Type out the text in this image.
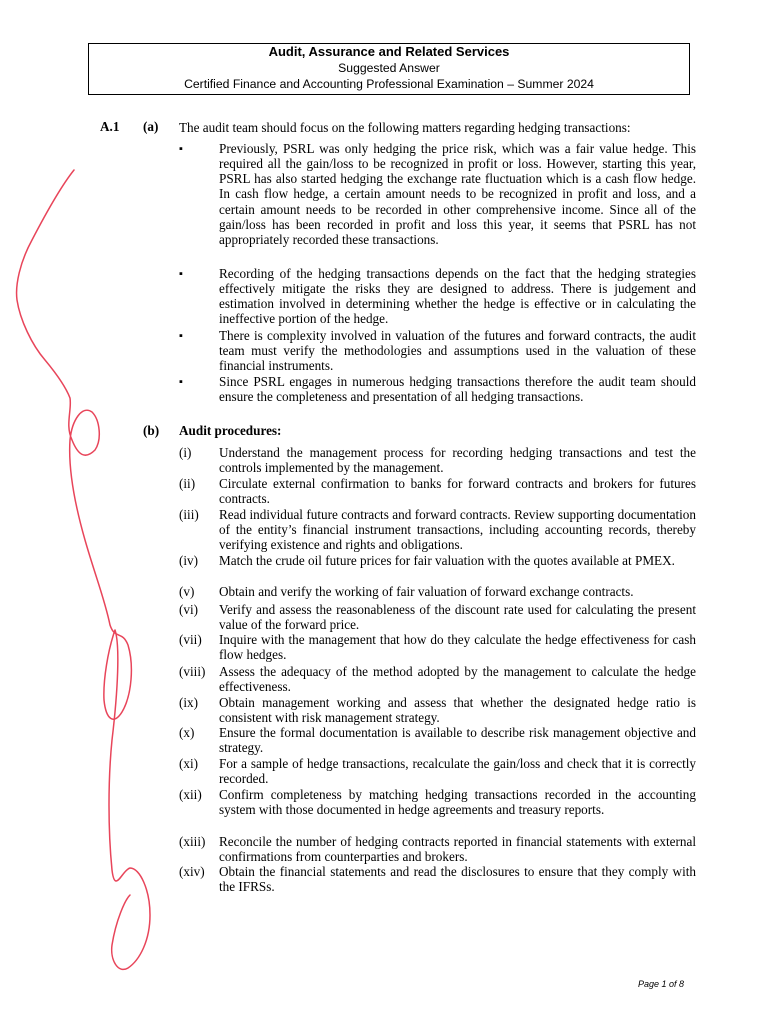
Audit, Assurance and Related Services
Suggested Answer
Certified Finance and Accounting Professional Examination – Summer 2024
A.1 (a) The audit team should focus on the following matters regarding hedging transactions:
▪	Previously, PSRL was only hedging the price risk, which was a fair value hedge. This required all the gain/loss to be recognized in profit or loss. However, starting this year, PSRL has also started hedging the exchange rate fluctuation which is a cash flow hedge. In cash flow hedge, a certain amount needs to be recognized in profit and loss, and a certain amount needs to be recorded in other comprehensive income. Since all of the gain/loss has been recorded in profit and loss this year, it seems that PSRL has not appropriately recorded these transactions.
▪	Recording of the hedging transactions depends on the fact that the hedging strategies effectively mitigate the risks they are designed to address. There is judgement and estimation involved in determining whether the hedge is effective or in calculating the ineffective portion of the hedge.
▪	There is complexity involved in valuation of the futures and forward contracts, the audit team must verify the methodologies and assumptions used in the valuation of these financial instruments.
▪	Since PSRL engages in numerous hedging transactions therefore the audit team should ensure the completeness and presentation of all hedging transactions.
(b) Audit procedures:
(i) Understand the management process for recording hedging transactions and test the controls implemented by the management.
(ii) Circulate external confirmation to banks for forward contracts and brokers for futures contracts.
(iii) Read individual future contracts and forward contracts. Review supporting documentation of the entity’s financial instrument transactions, including accounting records, thereby verifying existence and rights and obligations.
(iv) Match the crude oil future prices for fair valuation with the quotes available at PMEX.
(v) Obtain and verify the working of fair valuation of forward exchange contracts.
(vi) Verify and assess the reasonableness of the discount rate used for calculating the present value of the forward price.
(vii) Inquire with the management that how do they calculate the hedge effectiveness for cash flow hedges.
(viii) Assess the adequacy of the method adopted by the management to calculate the hedge effectiveness.
(ix) Obtain management working and assess that whether the designated hedge ratio is consistent with risk management strategy.
(x) Ensure the formal documentation is available to describe risk management objective and strategy.
(xi) For a sample of hedge transactions, recalculate the gain/loss and check that it is correctly recorded.
(xii) Confirm completeness by matching hedging transactions recorded in the accounting system with those documented in hedge agreements and treasury reports.
(xiii) Reconcile the number of hedging contracts reported in financial statements with external confirmations from counterparties and brokers.
(xiv) Obtain the financial statements and read the disclosures to ensure that they comply with the IFRSs.
Page 1 of 8
